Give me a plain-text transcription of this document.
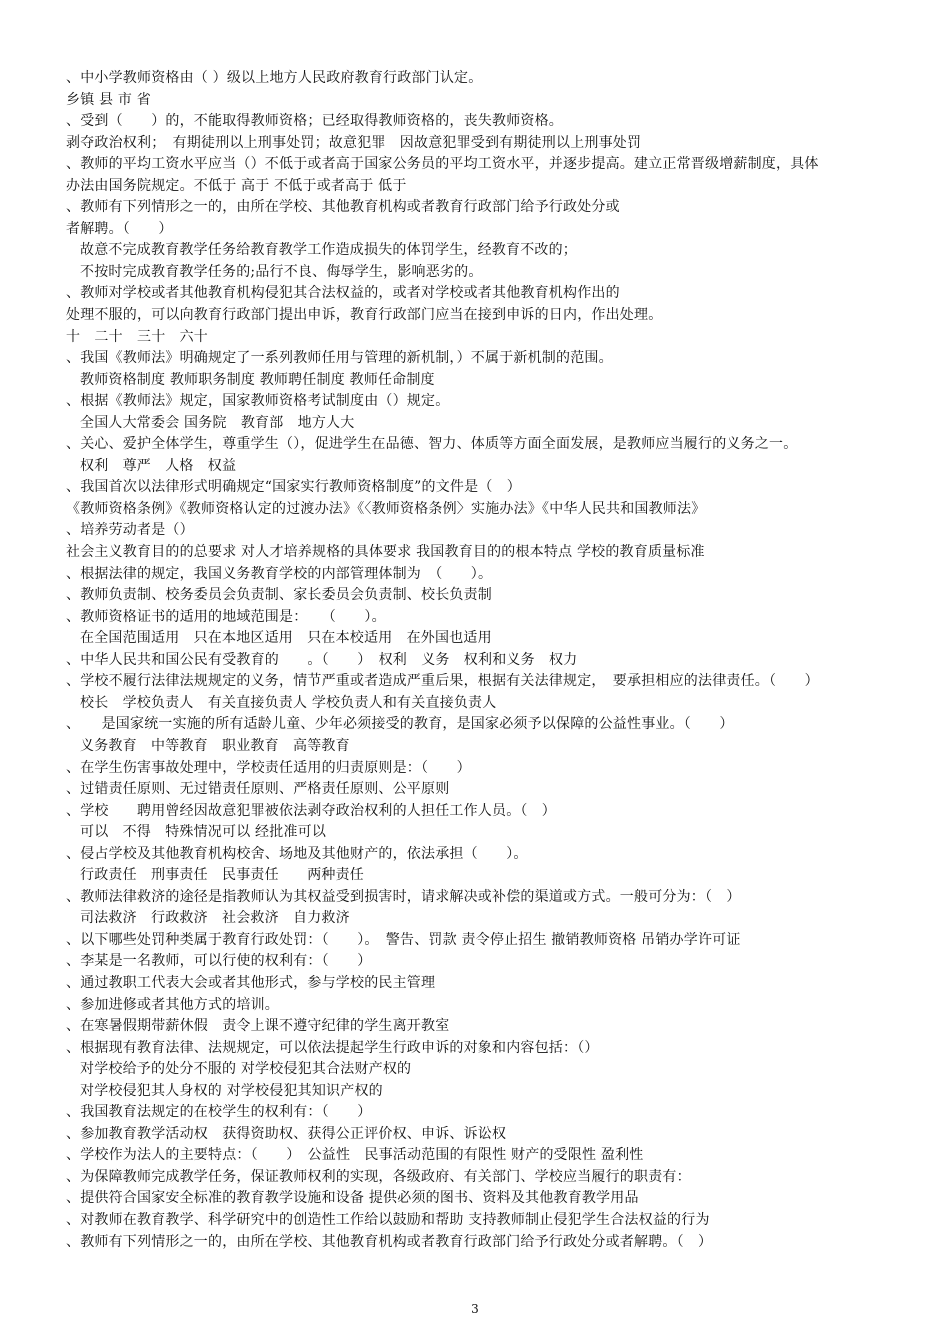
、中小学教师资格由（ ）级以上地方人民政府教育行政部门认定。
乡镇 县 市 省
、受到（　　）的，不能取得教师资格；已经取得教师资格的，丧失教师资格。
剥夺政治权利；　有期徒刑以上刑事处罚；故意犯罪　因故意犯罪受到有期徒刑以上刑事处罚
、教师的平均工资水平应当（）不低于或者高于国家公务员的平均工资水平，并逐步提高。建立正常晋级增薪制度，具体
办法由国务院规定。不低于 高于 不低于或者高于 低于
、教师有下列情形之一的，由所在学校、其他教育机构或者教育行政部门给予行政处分或
者解聘。（　　）
故意不完成教育教学任务给教育教学工作造成损失的体罚学生，经教育不改的；
不按时完成教育教学任务的;品行不良、侮辱学生，影响恶劣的。
、教师对学校或者其他教育机构侵犯其合法权益的，或者对学校或者其他教育机构作出的
处理不服的，可以向教育行政部门提出申诉，教育行政部门应当在接到申诉的日内，作出处理。
十　二十　三十　六十
、我国《教师法》明确规定了一系列教师任用与管理的新机制，）不属于新机制的范围。
教师资格制度 教师职务制度 教师聘任制度 教师任命制度
、根据《教师法》规定，国家教师资格考试制度由（）规定。
全国人大常委会 国务院　教育部　地方人大
、关心、爱护全体学生，尊重学生（），促进学生在品德、智力、体质等方面全面发展，是教师应当履行的义务之一。
权利　尊严　人格　权益
、我国首次以法律形式明确规定“国家实行教师资格制度”的文件是（　）
《教师资格条例》《教师资格认定的过渡办法》《〈教师资格条例〉实施办法》《中华人民共和国教师法》
、培养劳动者是（）
社会主义教育目的的总要求 对人才培养规格的具体要求 我国教育目的的根本特点 学校的教育质量标准
、根据法律的规定，我国义务教育学校的内部管理体制为　（　　）。
、教师负责制、校务委员会负责制、家长委员会负责制、校长负责制
、教师资格证书的适用的地域范围是：　　（　　）。
在全国范围适用　只在本地区适用　只在本校适用　在外国也适用
、中华人民共和国公民有受教育的　　。（　　）　权利　义务　权利和义务　权力
、学校不履行法律法规规定的义务，情节严重或者造成严重后果，根据有关法律规定，　要承担相应的法律责任。（　　）
校长　学校负责人　有关直接负责人 学校负责人和有关直接负责人
、　　是国家统一实施的所有适龄儿童、少年必须接受的教育，是国家必须予以保障的公益性事业。（　　）
义务教育　中等教育　职业教育　高等教育
、在学生伤害事故处理中，学校责任适用的归责原则是：（　　）
、过错责任原则、无过错责任原则、严格责任原则、公平原则
、学校　　聘用曾经因故意犯罪被依法剥夺政治权利的人担任工作人员。（　）
可以　不得　特殊情况可以 经批准可以
、侵占学校及其他教育机构校舍、场地及其他财产的，依法承担（　　）。
行政责任　刑事责任　民事责任　　两种责任
、教师法律救济的途径是指教师认为其权益受到损害时，请求解决或补偿的渠道或方式。一般可分为：（　）
司法救济　行政救济　社会救济　自力救济
、以下哪些处罚种类属于教育行政处罚：（　　）。　警告、罚款 责令停止招生 撤销教师资格 吊销办学许可证
、李某是一名教师，可以行使的权利有：（　　）
、通过教职工代表大会或者其他形式，参与学校的民主管理
、参加进修或者其他方式的培训。
、在寒暑假期带薪休假　责令上课不遵守纪律的学生离开教室
、根据现有教育法律、法规规定，可以依法提起学生行政申诉的对象和内容包括：（）
对学校给予的处分不服的 对学校侵犯其合法财产权的
对学校侵犯其人身权的 对学校侵犯其知识产权的
、我国教育法规定的在校学生的权利有：（　　）
、参加教育教学活动权　获得资助权、获得公正评价权、申诉、诉讼权
、学校作为法人的主要特点：（　　）　公益性　民事活动范围的有限性 财产的受限性 盈利性
、为保障教师完成教学任务，保证教师权利的实现，各级政府、有关部门、学校应当履行的职责有：
、提供符合国家安全标准的教育教学设施和设备 提供必须的图书、资料及其他教育教学用品
、对教师在教育教学、科学研究中的创造性工作给以鼓励和帮助 支持教师制止侵犯学生合法权益的行为
、教师有下列情形之一的，由所在学校、其他教育机构或者教育行政部门给予行政处分或者解聘。（　）
3
